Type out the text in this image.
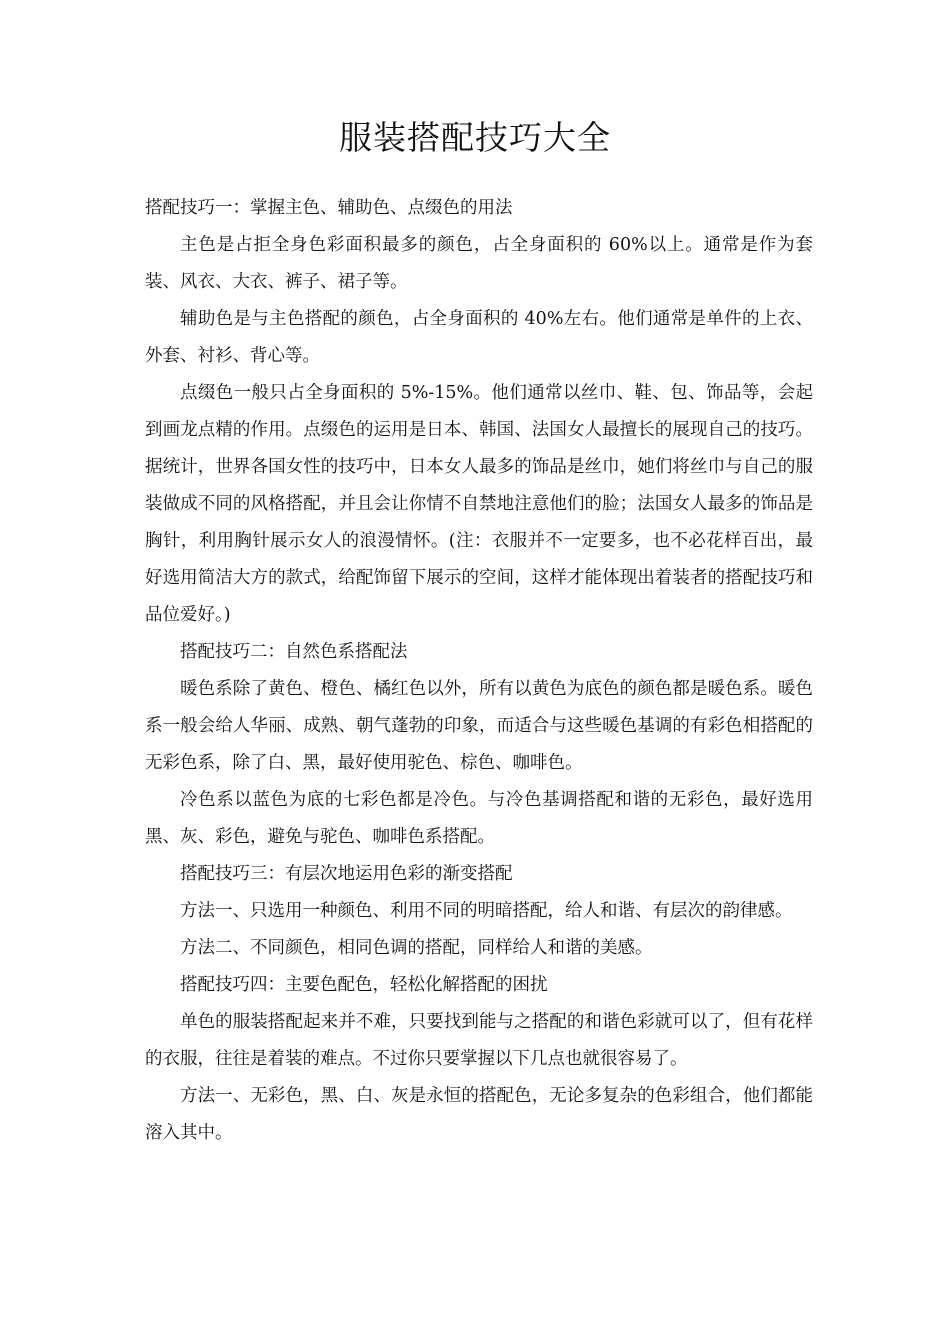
服装搭配技巧大全

搭配技巧一：掌握主色、辅助色、点缀色的用法

主色是占拒全身色彩面积最多的颜色，占全身面积的 60%以上。通常是作为套装、风衣、大衣、裤子、裙子等。

辅助色是与主色搭配的颜色，占全身面积的 40%左右。他们通常是单件的上衣、外套、衬衫、背心等。

点缀色一般只占全身面积的 5%-15%。他们通常以丝巾、鞋、包、饰品等，会起到画龙点精的作用。点缀色的运用是日本、韩国、法国女人最擅长的展现自己的技巧。据统计，世界各国女性的技巧中，日本女人最多的饰品是丝巾，她们将丝巾与自己的服装做成不同的风格搭配，并且会让你情不自禁地注意他们的脸；法国女人最多的饰品是胸针，利用胸针展示女人的浪漫情怀。(注：衣服并不一定要多，也不必花样百出，最好选用简洁大方的款式，给配饰留下展示的空间，这样才能体现出着装者的搭配技巧和品位爱好。)

搭配技巧二：自然色系搭配法

暖色系除了黄色、橙色、橘红色以外，所有以黄色为底色的颜色都是暖色系。暖色系一般会给人华丽、成熟、朝气蓬勃的印象，而适合与这些暖色基调的有彩色相搭配的无彩色系，除了白、黑，最好使用驼色、棕色、咖啡色。

冷色系以蓝色为底的七彩色都是冷色。与冷色基调搭配和谐的无彩色，最好选用黑、灰、彩色，避免与驼色、咖啡色系搭配。

搭配技巧三：有层次地运用色彩的渐变搭配

方法一、只选用一种颜色、利用不同的明暗搭配，给人和谐、有层次的韵律感。

方法二、不同颜色，相同色调的搭配，同样给人和谐的美感。

搭配技巧四：主要色配色，轻松化解搭配的困扰

单色的服装搭配起来并不难，只要找到能与之搭配的和谐色彩就可以了，但有花样的衣服，往往是着装的难点。不过你只要掌握以下几点也就很容易了。

方法一、无彩色，黑、白、灰是永恒的搭配色，无论多复杂的色彩组合，他们都能溶入其中。
